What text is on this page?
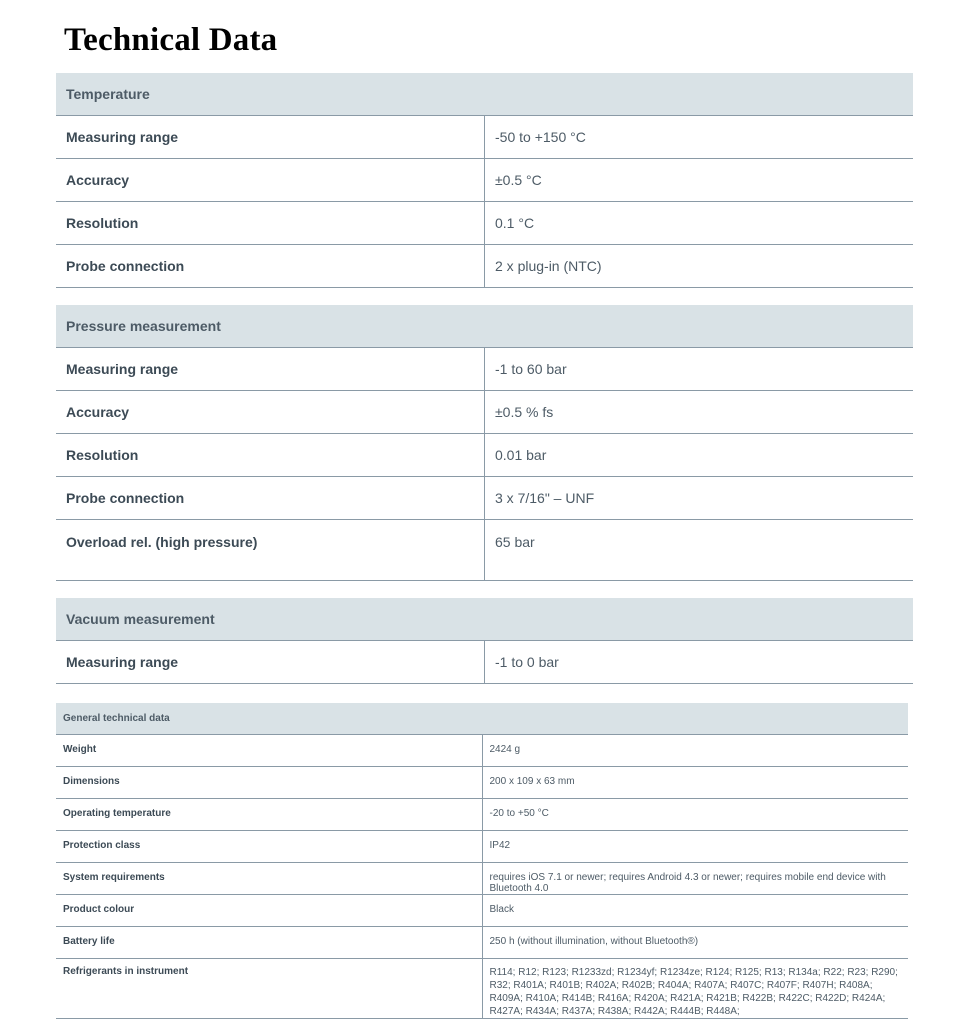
Technical Data
Temperature	
Measuring range	-50 to +150 °C
Accuracy	±0.5 °C
Resolution	0.1 °C
Probe connection	2 x plug-in (NTC)
Pressure measurement	
Measuring range	-1 to 60 bar
Accuracy	±0.5 % fs
Resolution	0.01 bar
Probe connection	3 x 7/16" – UNF
Overload rel. (high pressure)	65 bar
Vacuum measurement
Measuring range	-1 to 0 bar
General technical data	
Weight	2424 g
Dimensions	200 x 109 x 63 mm
Operating temperature	-20 to +50 °C
Protection class	IP42
System requirements	requires iOS 7.1 or newer; requires Android 4.3 or newer; requires mobile end device with Bluetooth 4.0
Product colour	Black
Battery life	250 h (without illumination, without Bluetooth®)
Refrigerants in instrument	R114; R12; R123; R1233zd; R1234yf; R1234ze; R124; R125; R13; R134a; R22; R23; R290; R32; R401A; R401B; R402A; R402B; R404A; R407A; R407C; R407F; R407H; R408A; R409A; R410A; R414B; R416A; R420A; R421A; R421B; R422B; R422C; R422D; R424A; R427A; R434A; R437A; R438A; R442A; R444B; R448A;
